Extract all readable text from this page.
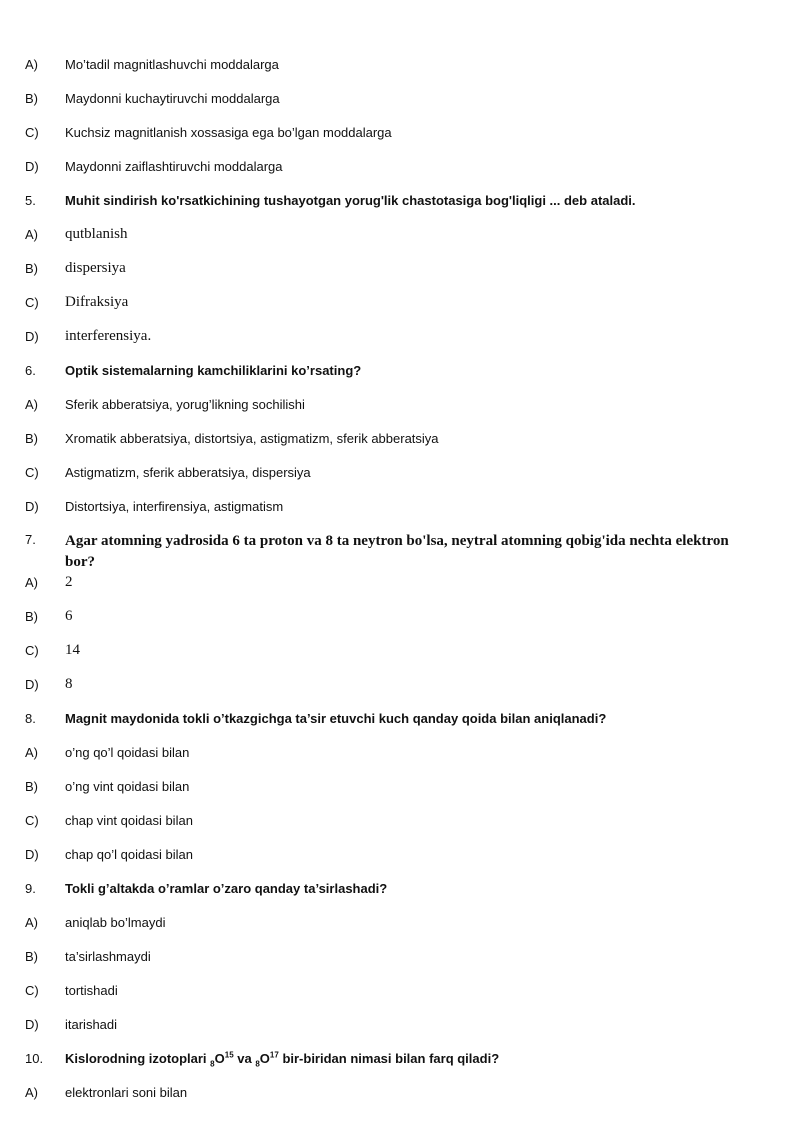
A)	Mo’tadil magnitlashuvchi moddalarga
B)	Maydonni kuchaytiruvchi moddalarga
C)	Kuchsiz magnitlanish xossasiga ega bo’lgan moddalarga
D)	Maydonni zaiflashtiruvchi moddalarga
5.	Muhit sindirish ko'rsatkichining tushayotgan yorug'lik chastotasiga bog'liqligi ... deb ataladi.
A)	qutblanish
B)	dispersiya
C)	Difraksiya
D)	interferensiya.
6.	Optik sistemalarning kamchiliklarini ko’rsating?
A)	Sferik abberatsiya, yorug’likning sochilishi
B)	Xromatik abberatsiya, distortsiya, astigmatizm, sferik abberatsiya
C)	Astigmatizm, sferik abberatsiya, dispersiya
D)	Distortsiya, interfirensiya, astigmatism
7.	Agar atomning yadrosida 6 ta proton va 8 ta neytron bo'lsa, neytral atomning qobig'ida nechta elektron bor?
A)	2
B)	6
C)	14
D)	8
8.	Magnit maydonida tokli o’tkazgichga ta’sir etuvchi kuch qanday qoida bilan aniqlanadi?
A)	o’ng qo’l qoidasi bilan
B)	o’ng vint qoidasi bilan
C)	chap vint qoidasi bilan
D)	chap qo’l qoidasi bilan
9.	Tokli g’altakda o’ramlar o’zaro qanday ta’sirlashadi?
A)	aniqlab bo’lmaydi
B)	ta’sirlashmaydi
C)	tortishadi
D)	itarishadi
10.	Kislorodning izotoplari $_8O^{15}$ va $_8O^{17}$ bir-biridan nimasi bilan farq qiladi?
A)	elektronlari soni bilan
